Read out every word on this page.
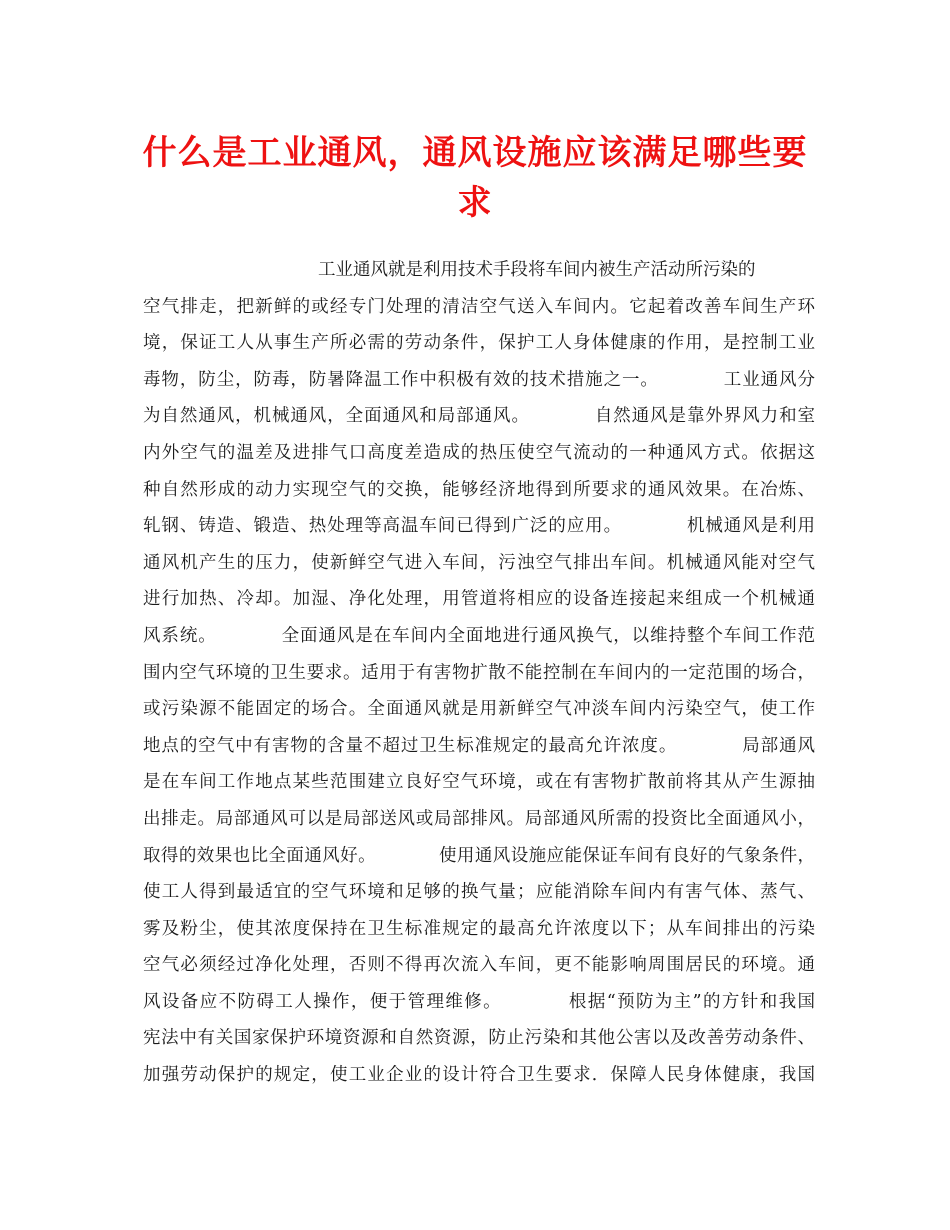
什么是工业通风，通风设施应该满足哪些要求
　　　　　　　　　　工业通风就是利用技术手段将车间内被生产活动所污染的
空气排走，把新鲜的或经专门处理的清洁空气送入车间内。它起着改善车间生产环
境，保证工人从事生产所必需的劳动条件，保护工人身体健康的作用，是控制工业
毒物，防尘，防毒，防暑降温工作中积极有效的技术措施之一。　　　　工业通风分
为自然通风，机械通风，全面通风和局部通风。　　　　自然通风是靠外界风力和室
内外空气的温差及进排气口高度差造成的热压使空气流动的一种通风方式。依据这
种自然形成的动力实现空气的交换，能够经济地得到所要求的通风效果。在冶炼、
轧钢、铸造、锻造、热处理等高温车间已得到广泛的应用。　　　　机械通风是利用
通风机产生的压力，使新鲜空气进入车间，污浊空气排出车间。机械通风能对空气
进行加热、冷却。加湿、净化处理，用管道将相应的设备连接起来组成一个机械通
风系统。　　　　全面通风是在车间内全面地进行通风换气，以维持整个车间工作范
围内空气环境的卫生要求。适用于有害物扩散不能控制在车间内的一定范围的场合，
或污染源不能固定的场合。全面通风就是用新鲜空气冲淡车间内污染空气，使工作
地点的空气中有害物的含量不超过卫生标准规定的最高允许浓度。　　　　局部通风
是在车间工作地点某些范围建立良好空气环境，或在有害物扩散前将其从产生源抽
出排走。局部通风可以是局部送风或局部排风。局部通风所需的投资比全面通风小，
取得的效果也比全面通风好。　　　　使用通风设施应能保证车间有良好的气象条件，
使工人得到最适宜的空气环境和足够的换气量；应能消除车间内有害气体、蒸气、
雾及粉尘，使其浓度保持在卫生标准规定的最高允许浓度以下；从车间排出的污染
空气必须经过净化处理，否则不得再次流入车间，更不能影响周围居民的环境。通
风设备应不防碍工人操作，便于管理维修。　　　　根据“预防为主”的方针和我国
宪法中有关国家保护环境资源和自然资源，防止污染和其他公害以及改善劳动条件、
加强劳动保护的规定，使工业企业的设计符合卫生要求．保障人民身体健康，我国
